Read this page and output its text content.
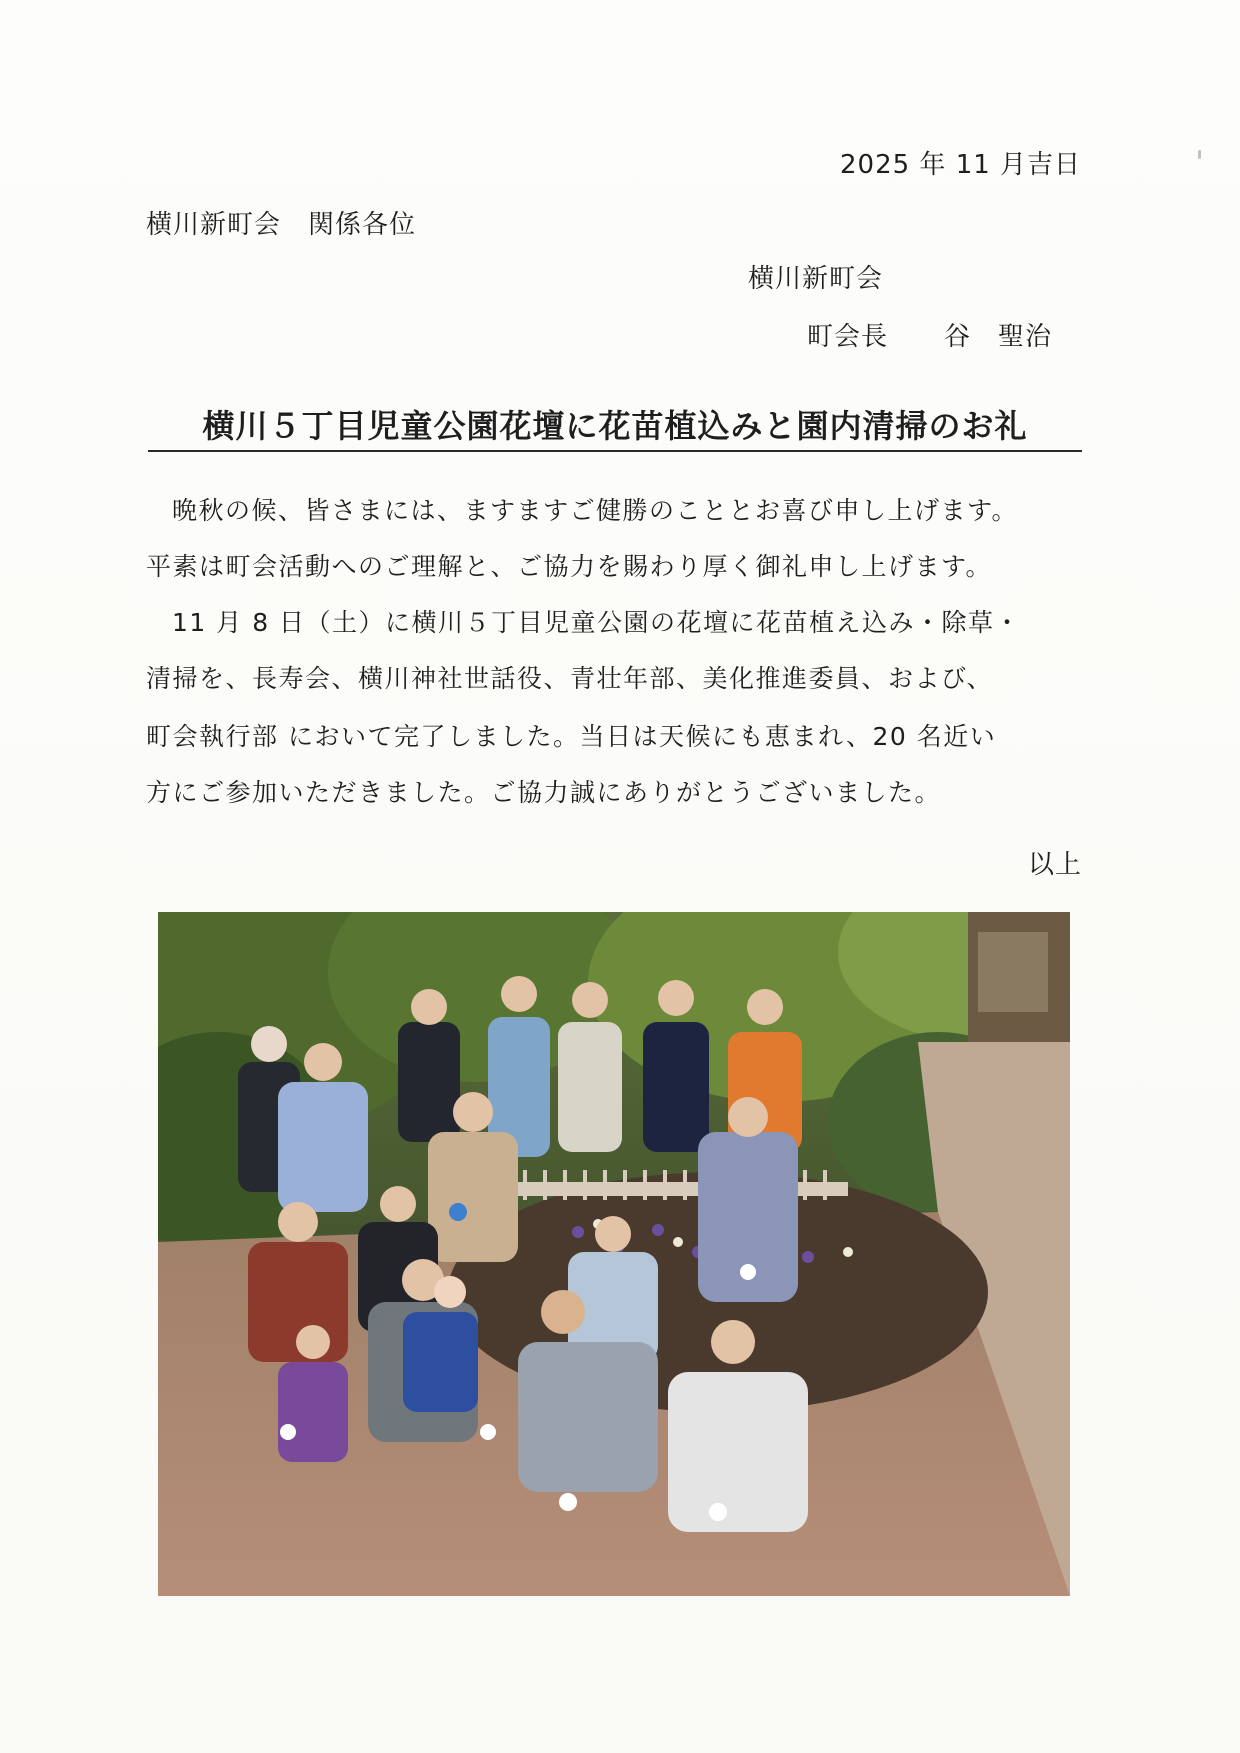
2025 年 11 月吉日
横川新町会　関係各位
横川新町会
町会長 谷　聖治
横川５丁目児童公園花壇に花苗植込みと園内清掃のお礼
晩秋の候、皆さまには、ますますご健勝のこととお喜び申し上げます。
平素は町会活動へのご理解と、ご協力を賜わり厚く御礼申し上げます。
11 月 8 日（土）に横川５丁目児童公園の花壇に花苗植え込み・除草・
清掃を、長寿会、横川神社世話役、青壮年部、美化推進委員、および、
町会執行部 において完了しました。当日は天候にも恵まれ、20 名近い
方にご参加いただきました。ご協力誠にありがとうございました。
以上
